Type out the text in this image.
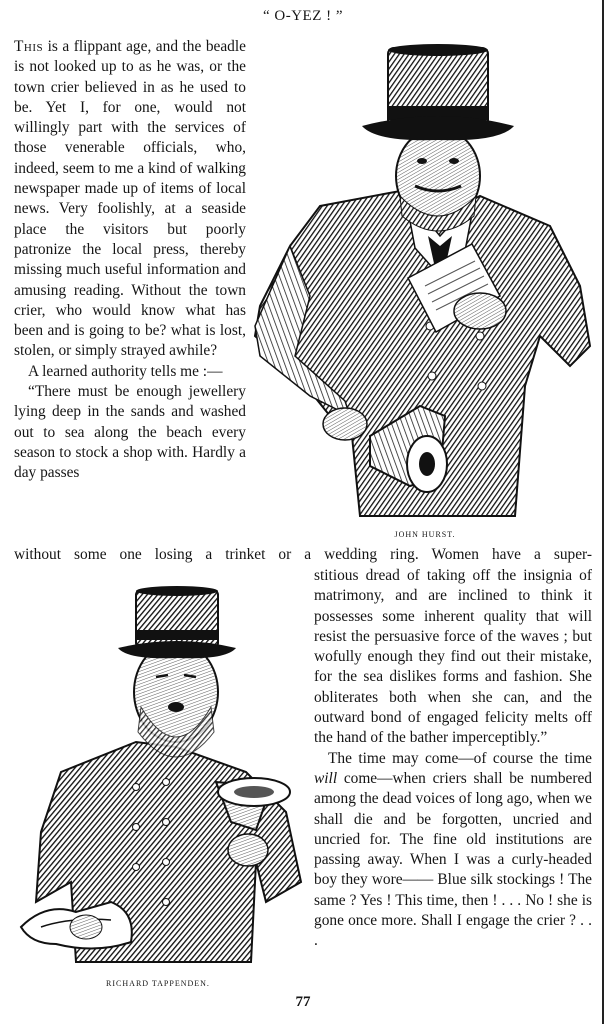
“ O-YEZ ! ”

This is a flippant age, and the beadle is not looked up to as he was, or the town crier believed in as he used to be. Yet I, for one, would not willingly part with the services of those venerable officials, who, indeed, seem to me a kind of walking newspaper made up of items of local news. Very foolishly, at a seaside place the visitors but poorly patronize the local press, thereby missing much useful information and amusing reading. Without the town crier, who would know what has been and is going to be? what is lost, stolen, or simply strayed awhile?

A learned authority tells me :—

“There must be enough jewellery lying deep in the sands and washed out to sea along the beach every season to stock a shop with. Hardly a day passes

without some one losing a trinket or a wedding ring. Women have a super-

stitious dread of taking off the insignia of matrimony, and are inclined to think it possesses some inherent quality that will resist the persuasive force of the waves ; but wofully enough they find out their mistake, for the sea dislikes forms and fashion. She obliterates both when she can, and the outward bond of engaged felicity melts off the hand of the bather imperceptibly.”

The time may come—of course the time will come—when criers shall be numbered among the dead voices of long ago, when we shall die and be forgotten, uncried and uncried for. The fine old institutions are passing away. When I was a curly-headed boy they wore—— Blue silk stockings ! The same ? Yes ! This time, then ! . . . No ! she is gone once more. Shall I engage the crier ? . . .

JOHN HURST.
RICHARD TAPPENDEN.
77
